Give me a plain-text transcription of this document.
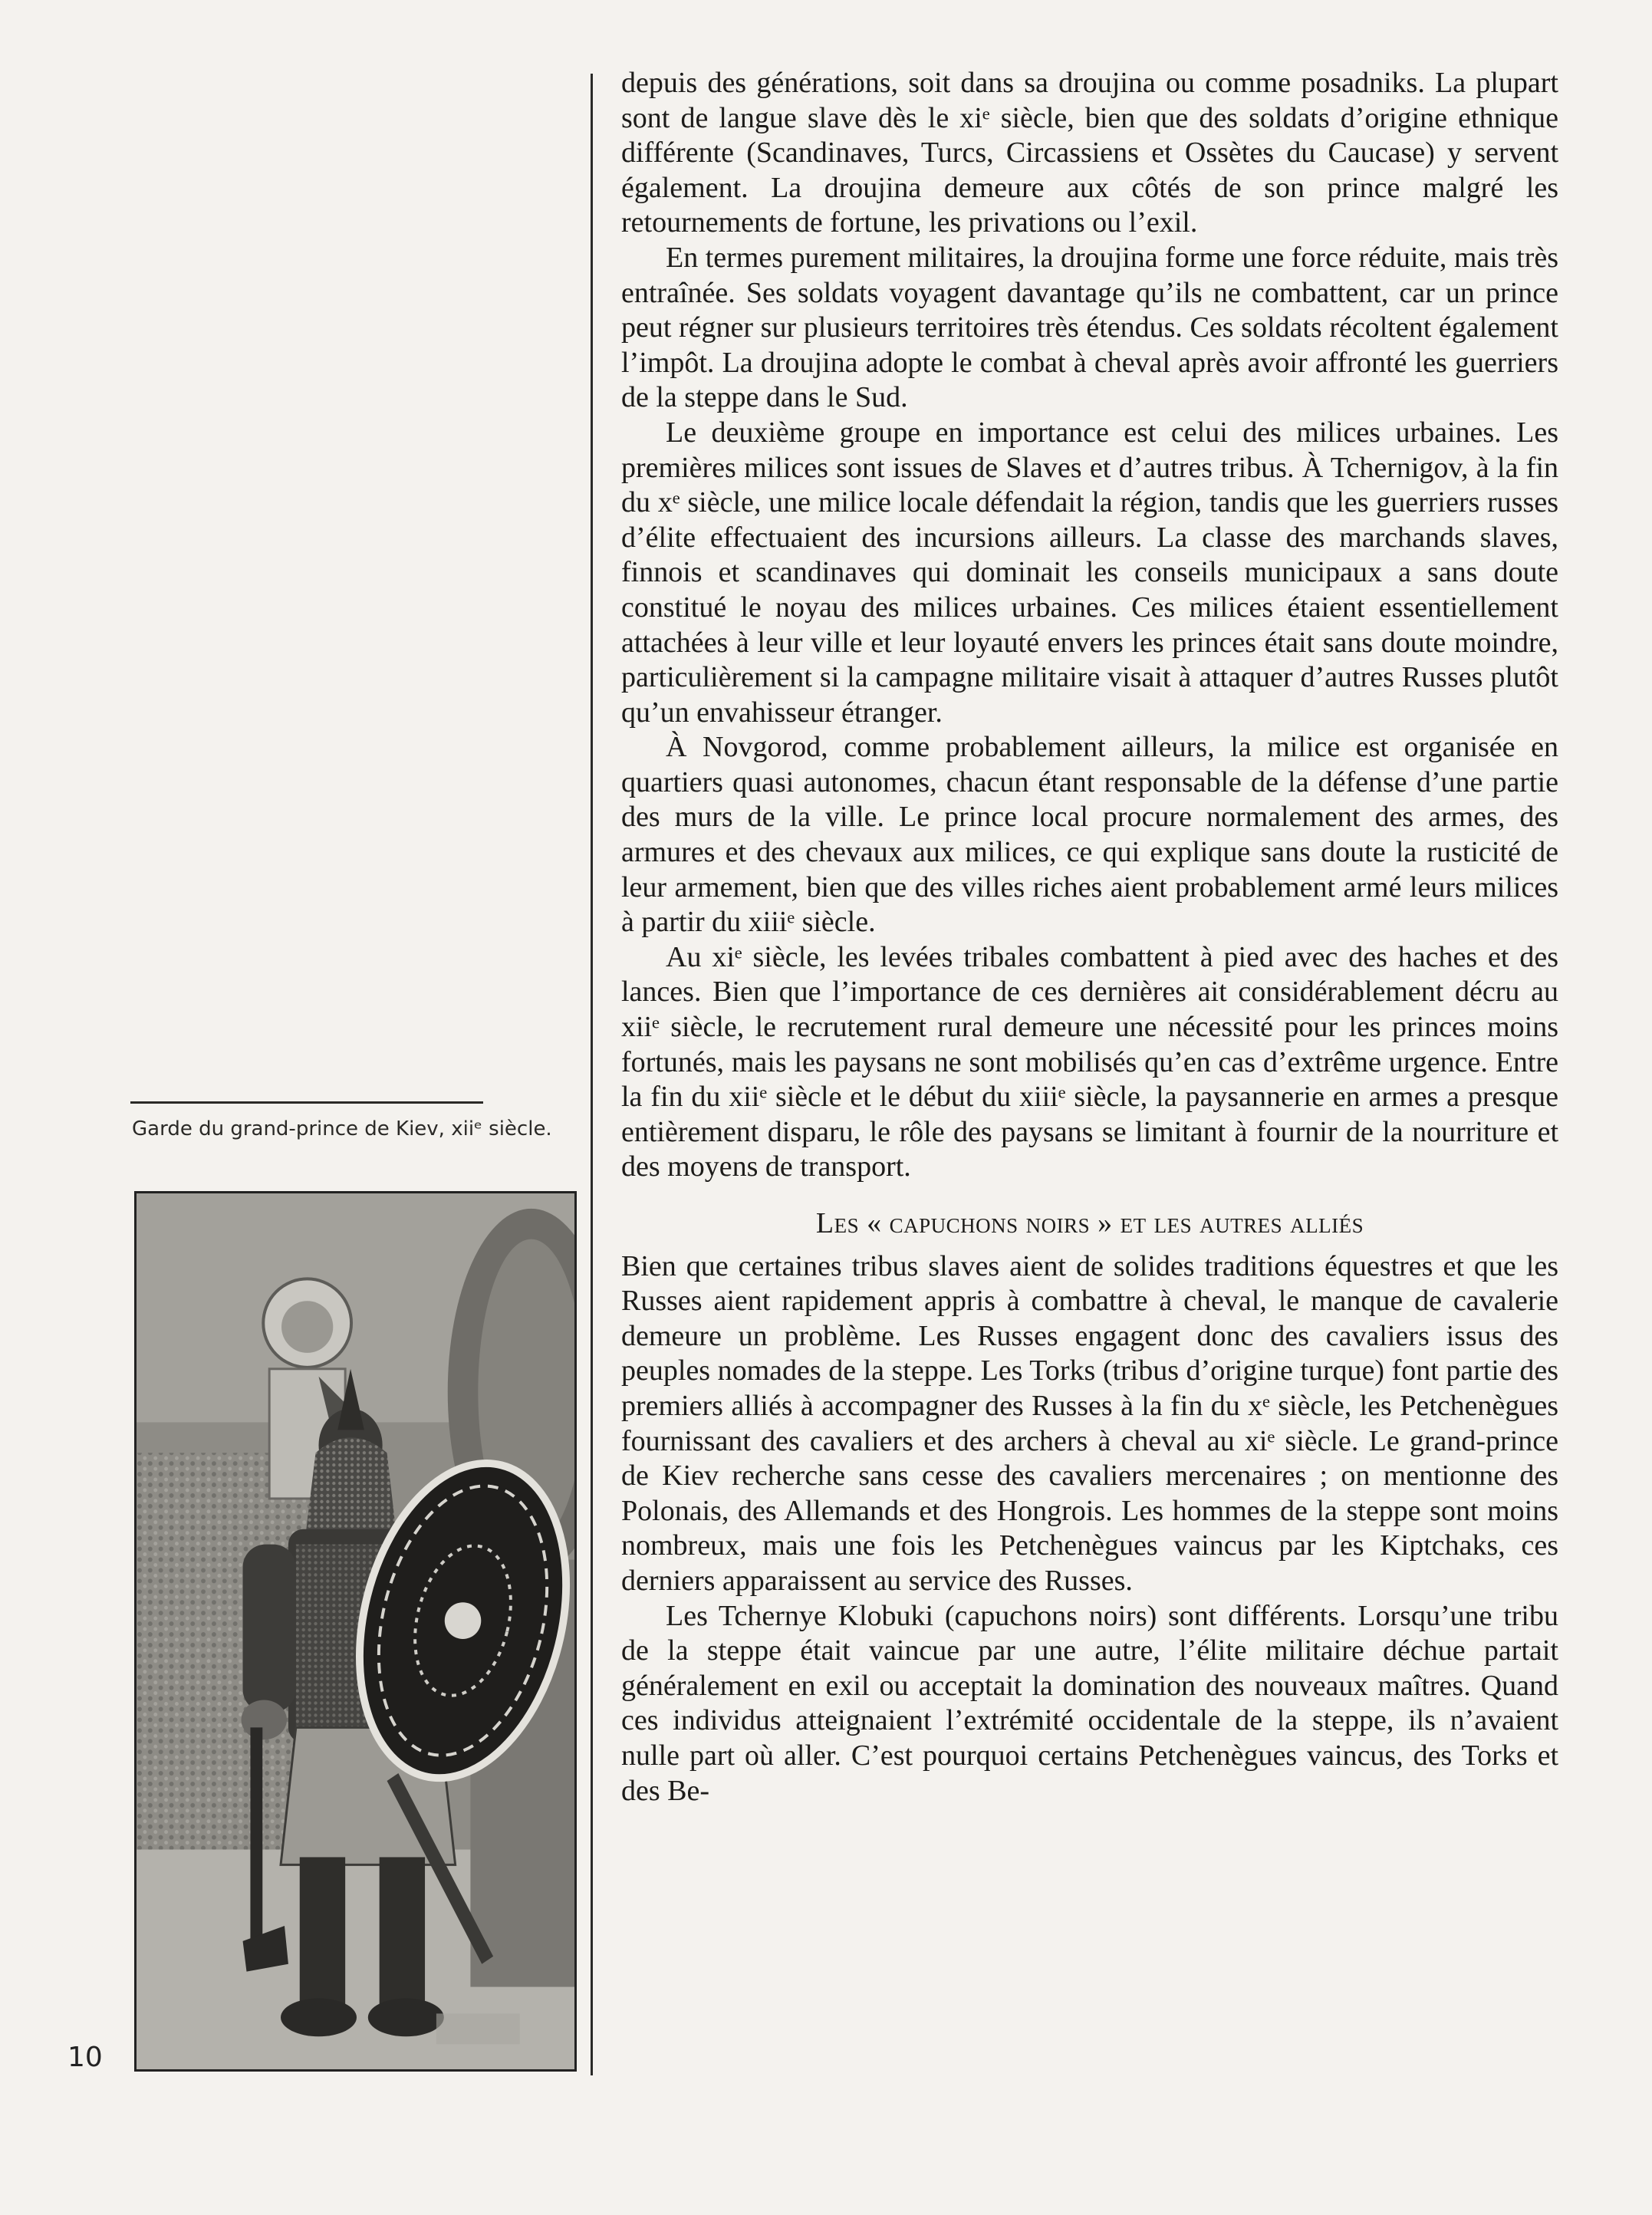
Garde du grand-prince de Kiev, xiiᵉ siècle.
10

depuis des générations, soit dans sa droujina ou comme posadniks. La plupart sont de langue slave dès le xiᵉ siècle, bien que des soldats d’origine ethnique différente (Scandinaves, Turcs, Circassiens et Ossètes du Caucase) y servent également. La droujina demeure aux côtés de son prince malgré les retournements de fortune, les privations ou l’exil.

En termes purement militaires, la droujina forme une force réduite, mais très entraînée. Ses soldats voyagent davantage qu’ils ne combattent, car un prince peut régner sur plusieurs territoires très étendus. Ces soldats récoltent également l’impôt. La droujina adopte le combat à cheval après avoir affronté les guerriers de la steppe dans le Sud.

Le deuxième groupe en importance est celui des milices urbaines. Les premières milices sont issues de Slaves et d’autres tribus. À Tchernigov, à la fin du xᵉ siècle, une milice locale défendait la région, tandis que les guerriers russes d’élite effectuaient des incursions ailleurs. La classe des marchands slaves, finnois et scandinaves qui dominait les conseils municipaux a sans doute constitué le noyau des milices urbaines. Ces milices étaient essentiellement attachées à leur ville et leur loyauté envers les princes était sans doute moindre, particulièrement si la campagne militaire visait à attaquer d’autres Russes plutôt qu’un envahisseur étranger.

À Novgorod, comme probablement ailleurs, la milice est organisée en quartiers quasi autonomes, chacun étant responsable de la défense d’une partie des murs de la ville. Le prince local procure normalement des armes, des armures et des chevaux aux milices, ce qui explique sans doute la rusticité de leur armement, bien que des villes riches aient probablement armé leurs milices à partir du xiiiᵉ siècle.

Au xiᵉ siècle, les levées tribales combattent à pied avec des haches et des lances. Bien que l’importance de ces dernières ait considérablement décru au xiiᵉ siècle, le recrutement rural demeure une nécessité pour les princes moins fortunés, mais les paysans ne sont mobilisés qu’en cas d’extrême urgence. Entre la fin du xiiᵉ siècle et le début du xiiiᵉ siècle, la paysannerie en armes a presque entièrement disparu, le rôle des paysans se limitant à fournir de la nourriture et des moyens de transport.

Les « capuchons noirs » et les autres alliés

Bien que certaines tribus slaves aient de solides traditions équestres et que les Russes aient rapidement appris à combattre à cheval, le manque de cavalerie demeure un problème. Les Russes engagent donc des cavaliers issus des peuples nomades de la steppe. Les Torks (tribus d’origine turque) font partie des premiers alliés à accompagner des Russes à la fin du xᵉ siècle, les Petchenègues fournissant des cavaliers et des archers à cheval au xiᵉ siècle. Le grand-prince de Kiev recherche sans cesse des cavaliers mercenaires ; on mentionne des Polonais, des Allemands et des Hongrois. Les hommes de la steppe sont moins nombreux, mais une fois les Petchenègues vaincus par les Kiptchaks, ces derniers apparaissent au service des Russes.

Les Tchernye Klobuki (capuchons noirs) sont différents. Lorsqu’une tribu de la steppe était vaincue par une autre, l’élite militaire déchue partait généralement en exil ou acceptait la domination des nouveaux maîtres. Quand ces individus atteignaient l’extrémité occidentale de la steppe, ils n’avaient nulle part où aller. C’est pourquoi certains Petchenègues vaincus, des Torks et des Be-
